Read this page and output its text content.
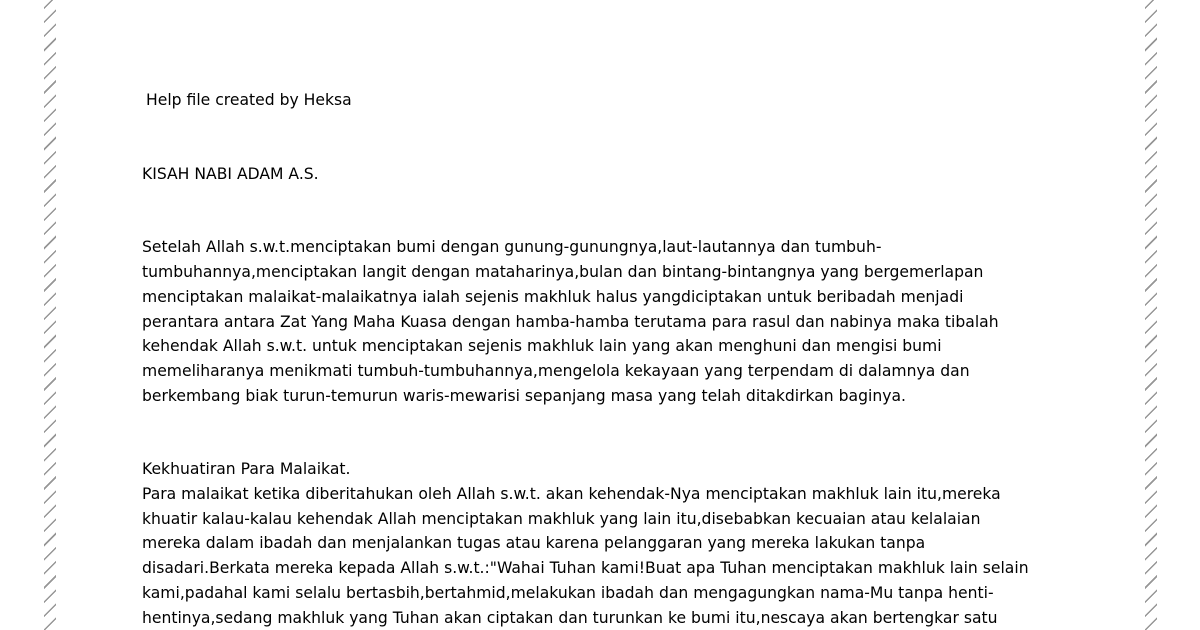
Help file created by Heksa
KISAH NABI ADAM A.S.
Setelah Allah s.w.t.menciptakan bumi dengan gunung-gunungnya,laut-lautannya dan tumbuh-
tumbuhannya,menciptakan langit dengan mataharinya,bulan dan bintang-bintangnya yang bergemerlapan
menciptakan malaikat-malaikatnya ialah sejenis makhluk halus yangdiciptakan untuk beribadah menjadi
perantara antara Zat Yang Maha Kuasa dengan hamba-hamba terutama para rasul dan nabinya maka tibalah
kehendak Allah s.w.t. untuk menciptakan sejenis makhluk lain yang akan menghuni dan mengisi bumi
memeliharanya menikmati tumbuh-tumbuhannya,mengelola kekayaan yang terpendam di dalamnya dan
berkembang biak turun-temurun waris-mewarisi sepanjang masa yang telah ditakdirkan baginya.
Kekhuatiran Para Malaikat.
Para malaikat ketika diberitahukan oleh Allah s.w.t. akan kehendak-Nya menciptakan makhluk lain itu,mereka
khuatir kalau-kalau kehendak Allah menciptakan makhluk yang lain itu,disebabkan kecuaian atau kelalaian
mereka dalam ibadah dan menjalankan tugas atau karena pelanggaran yang mereka lakukan tanpa
disadari.Berkata mereka kepada Allah s.w.t.:"Wahai Tuhan kami!Buat apa Tuhan menciptakan makhluk lain selain
kami,padahal kami selalu bertasbih,bertahmid,melakukan ibadah dan mengagungkan nama-Mu tanpa henti-
hentinya,sedang makhluk yang Tuhan akan ciptakan dan turunkan ke bumi itu,nescaya akan bertengkar satu
